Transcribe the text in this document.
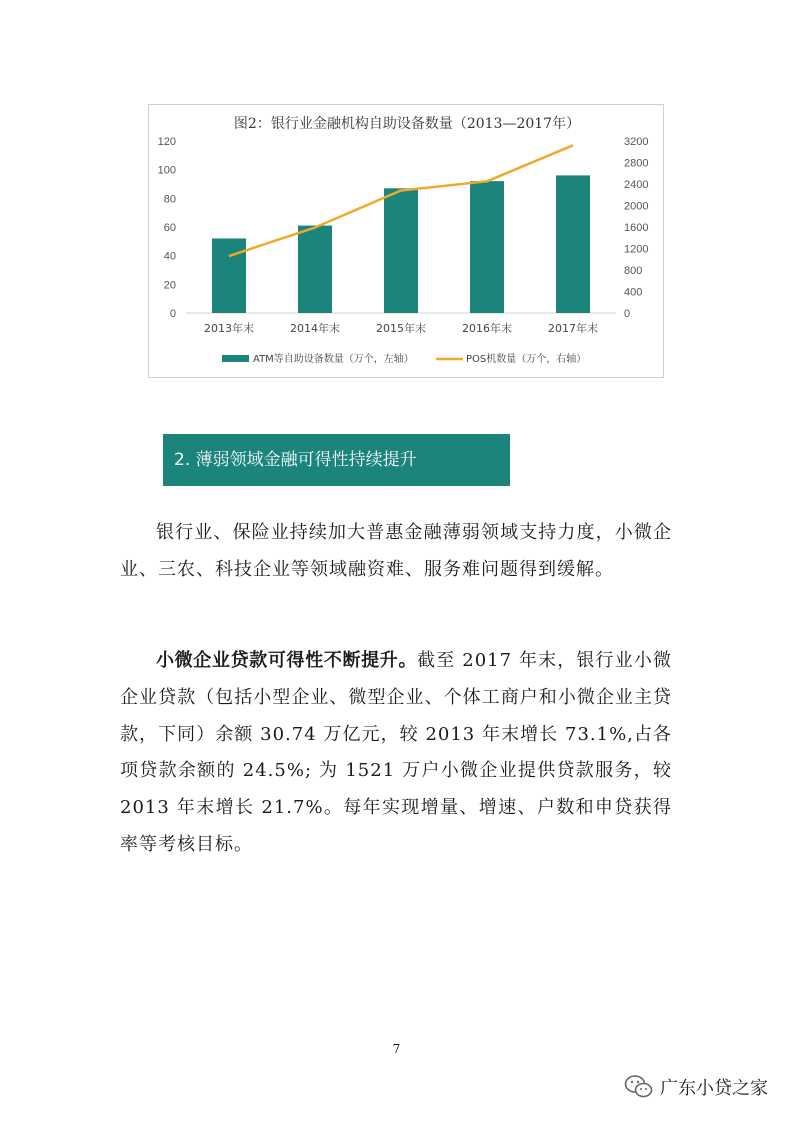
图2：银行业金融机构自助设备数量（2013—2017年）
0
20
40
60
80
100
120
0
400
800
1200
1600
2000
2400
2800
3200
2013年末	2014年末	2015年末	2016年末	2017年末
ATM等自助设备数量（万个，左轴）	POS机数量（万个，右轴）
2. 薄弱领域金融可得性持续提升

银行业、保险业持续加大普惠金融薄弱领域支持力度，小微企业、三农、科技企业等领域融资难、服务难问题得到缓解。

小微企业贷款可得性不断提升。截至 2017 年末，银行业小微企业贷款（包括小型企业、微型企业、个体工商户和小微企业主贷款，下同）余额 30.74 万亿元，较 2013 年末增长 73.1%,占各项贷款余额的 24.5%; 为 1521 万户小微企业提供贷款服务，较 2013 年末增长 21.7%。每年实现增量、增速、户数和申贷获得率等考核目标。

7
广东小贷之家
